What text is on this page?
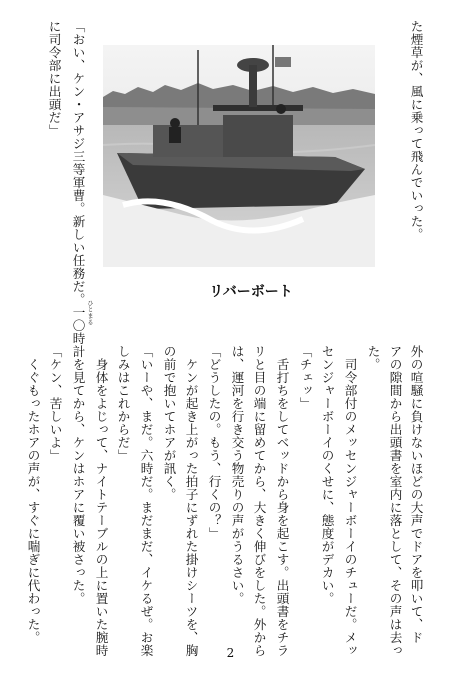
た煙草が、風に乗って飛んでいった。
「おい、ケン・アサジ三等軍曹。新しい任務だ。一〇時 ひとまる
に司令部に出頭だ」
リバーボート
外の喧騒に負けないほどの大声でドアを叩いて、ド
アの隙間から出頭書を室内に落として、その声は去っ
た。
　司令部付のメッセンジャーボーイのチューだ。メッ
センジャーボーイのくせに、態度がデカい。
「チェッ」
　舌打ちをしてベッドから身を起こす。出頭書をチラ
リと目の端に留めてから、大きく伸びをした。外から
は、運河を行き交う物売りの声がうるさい。
「どうしたの。もう、行くの？」
　ケンが起き上がった拍子にずれた掛けシーツを、胸
の前で抱いてホアが訊く。
「いーや、まだ。六時だ。まだまだ、イケるぜ。お楽
しみはこれからだ」
　身体をよじって、ナイトテーブルの上に置いた腕時
計を見てから、ケンはホアに覆い被さった。
「ケン、苦しいよ」
　くぐもったホアの声が、すぐに喘ぎに代わった。
2
